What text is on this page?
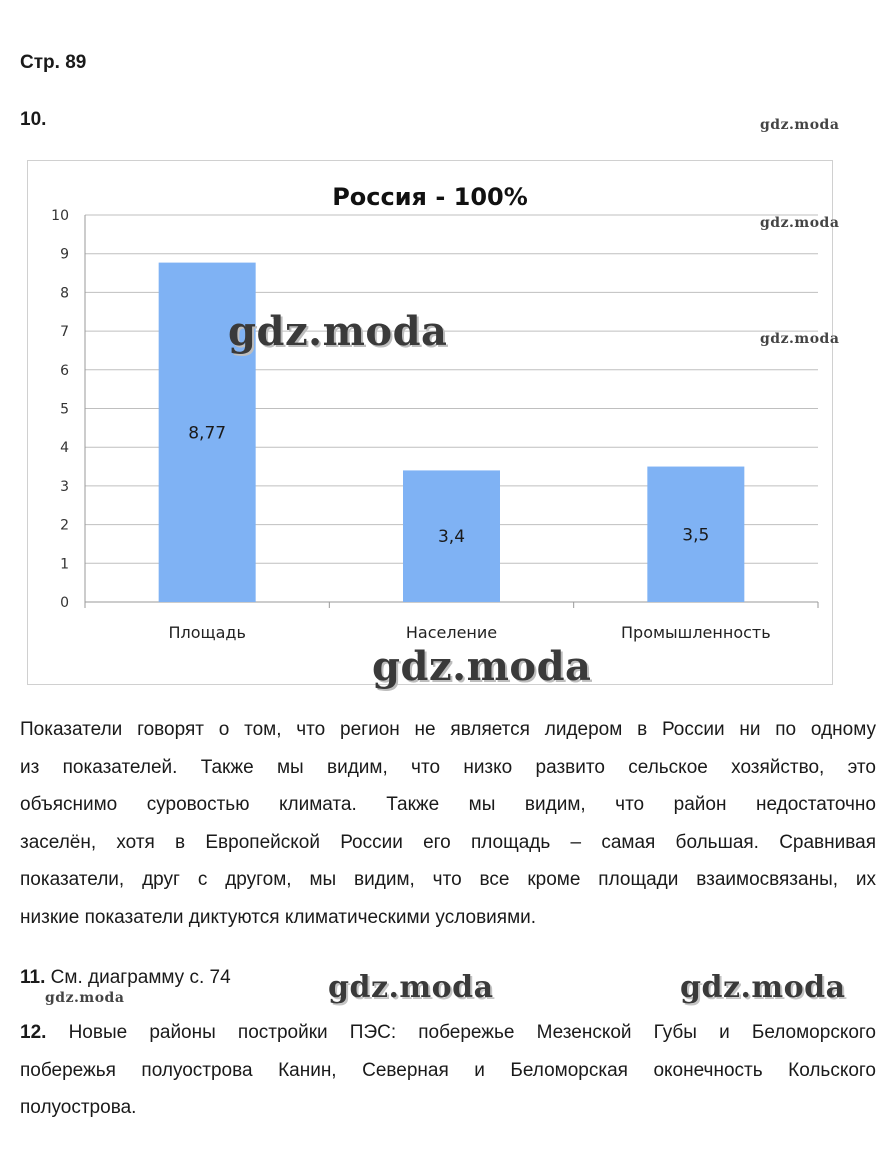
Стр. 89
10.	gdz.moda
Россия - 100%
0
1
2
3
4
5
6
7
8
9
10
Площадь
8,77
Население
3,4
Промышленность
3,5
gdz.moda
gdz.moda
gdz.moda
gdz.moda
Показатели говорят о том, что регион не является лидером в России ни по одному
из показателей. Также мы видим, что низко развито сельское хозяйство, это
объяснимо суровостью климата. Также мы видим, что район недостаточно
заселён, хотя в Европейской России его площадь – самая большая. Сравнивая
показатели, друг с другом, мы видим, что все кроме площади взаимосвязаны, их
низкие показатели диктуются климатическими условиями.
11. См. диаграмму с. 74
gdz.moda	gdz.moda	gdz.moda
12. Новые районы постройки ПЭС: побережье Мезенской Губы и Беломорского
побережья полуострова Канин, Северная и Беломорская оконечность Кольского
полуострова.
